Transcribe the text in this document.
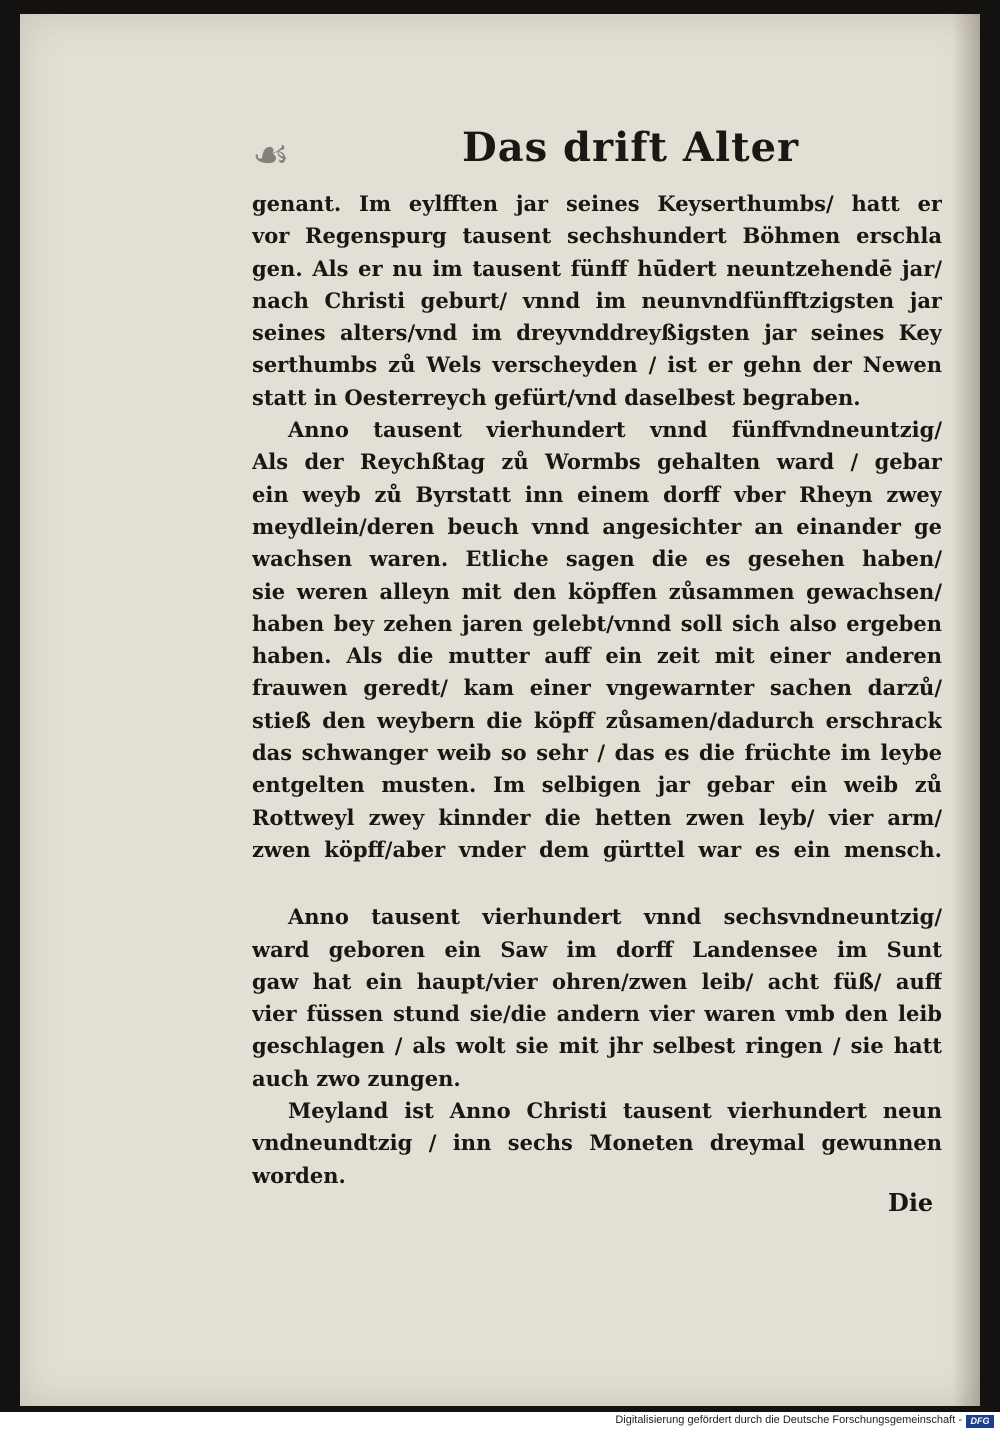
☙	Das drift Alter
genant. Im eylfften jar seines Keyserthumbs/ hatt er
vor Regenspurg tausent sechshundert Böhmen erschla
gen. Als er nu im tausent fünff hūdert neuntzehendē jar/
nach Christi geburt/ vnnd im neunvndfünfftzigsten jar
seines alters/vnd im dreyvnddreyßigsten jar seines Key
serthumbs zů Wels verscheyden / ist er gehn der Newen
statt in Oesterreych gefürt/vnd daselbest begraben.
Anno tausent vierhundert vnnd fünffvndneuntzig/
Als der Reychßtag zů Wormbs gehalten ward / gebar
ein weyb zů Byrstatt inn einem dorff vber Rheyn zwey
meydlein/deren beuch vnnd angesichter an einander ge
wachsen waren. Etliche sagen die es gesehen haben/
sie weren alleyn mit den köpffen zůsammen gewachsen/
haben bey zehen jaren gelebt/vnnd soll sich also ergeben
haben. Als die mutter auff ein zeit mit einer anderen
frauwen geredt/ kam einer vngewarnter sachen darzů/
stieß den weybern die köpff zůsamen/dadurch erschrack
das schwanger weib so sehr / das es die früchte im leybe
entgelten musten. Im selbigen jar gebar ein weib zů
Rottweyl zwey kinnder die hetten zwen leyb/ vier arm/
zwen köpff/aber vnder dem gürttel war es ein mensch.
Anno tausent vierhundert vnnd sechsvndneuntzig/
ward geboren ein Saw im dorff Landensee im Sunt
gaw hat ein haupt/vier ohren/zwen leib/ acht füß/ auff
vier füssen stund sie/die andern vier waren vmb den leib
geschlagen / als wolt sie mit jhr selbest ringen / sie hatt
auch zwo zungen.
Meyland ist Anno Christi tausent vierhundert neun
vndneundtzig / inn sechs Moneten dreymal gewunnen
worden.
Die
Digitalisierung gefördert durch die Deutsche Forschungsgemeinschaft - DFG
